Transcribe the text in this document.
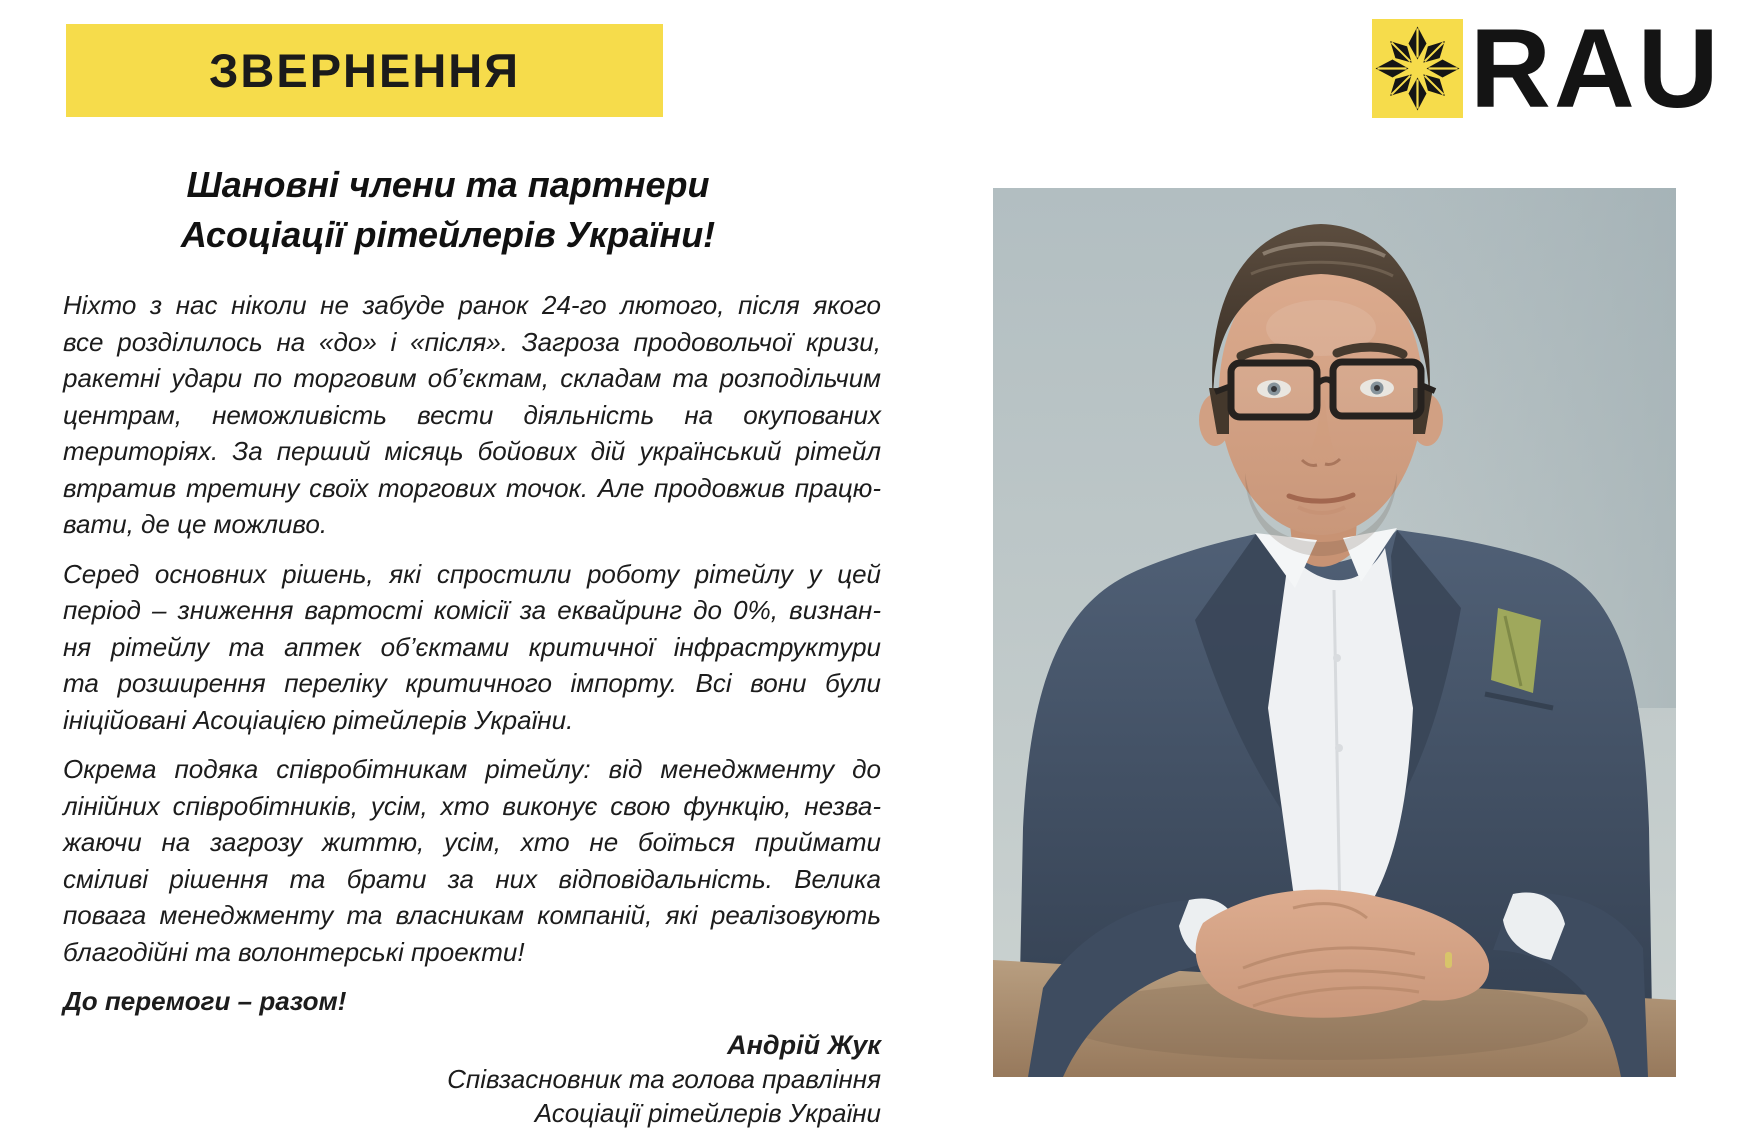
ЗВЕРНЕННЯ	RAU
Шановні члени та партнери
Асоціації рітейлерів України!
Ніхто з нас ніколи не забуде ранок 24-го лютого, після якого
все розділилось на «до» і «після». Загроза продовольчої кризи,
ракетні удари по торговим об’єктам, складам та розподільчим
центрам, неможливість вести діяльність на окупованих
територіях. За перший місяць бойових дій український рітейл
втратив третину своїх торгових точок. Але продовжив працю-
вати, де це можливо.
Серед основних рішень, які спростили роботу рітейлу у цей
період – зниження вартості комісії за еквайринг до 0%, визнан-
ня рітейлу та аптек об’єктами критичної інфраструктури
та розширення переліку критичного імпорту. Всі вони були
ініційовані Асоціацією рітейлерів України.
Окрема подяка співробітникам рітейлу: від менеджменту до
лінійних співробітників, усім, хто виконує свою функцію, незва-
жаючи на загрозу життю, усім, хто не боїться приймати
сміливі рішення та брати за них відповідальність. Велика
повага менеджменту та власникам компаній, які реалізовують
благодійні та волонтерські проекти!
До перемоги – разом!
Андрій Жук
Співзасновник та голова правління
Асоціації рітейлерів України
